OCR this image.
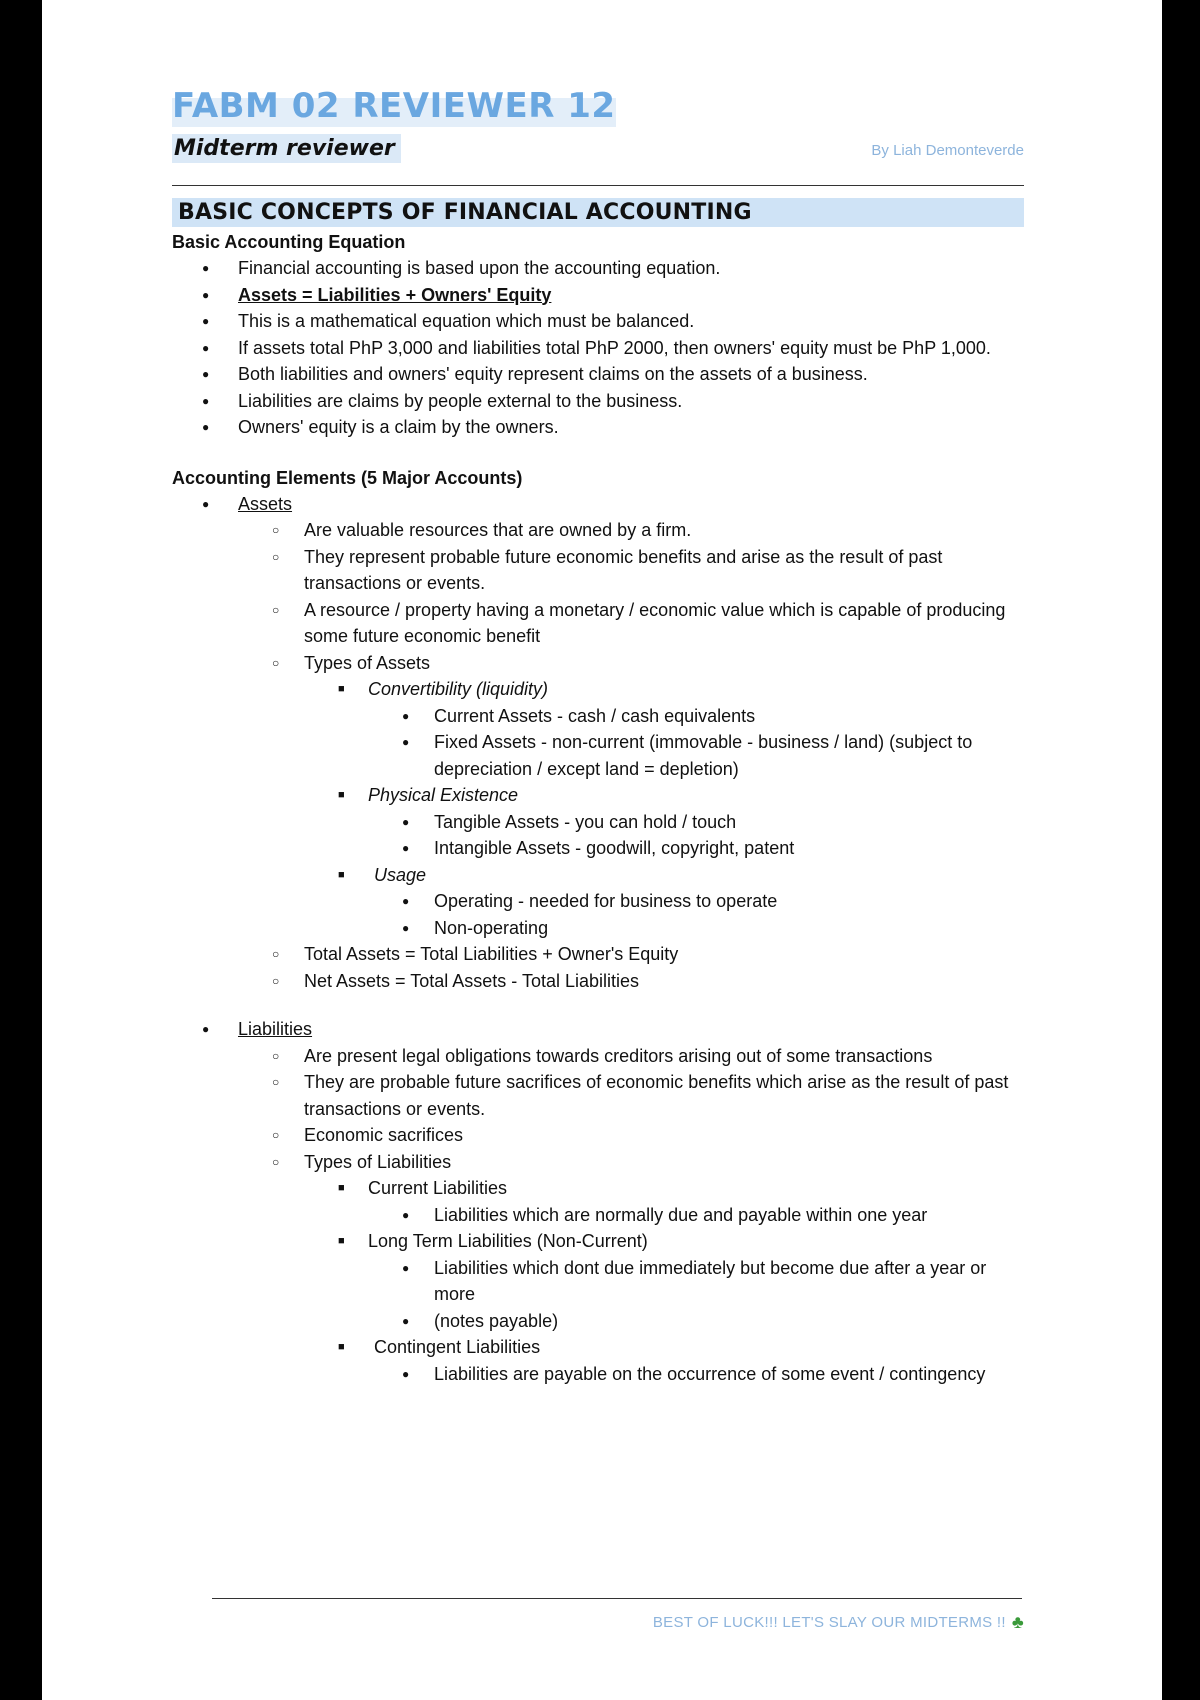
FABM 02 REVIEWER 12
Midterm reviewer	By Liah Demonteverde
BASIC CONCEPTS OF FINANCIAL ACCOUNTING
Basic Accounting Equation
● Financial accounting is based upon the accounting equation.
● Assets = Liabilities + Owners' Equity
● This is a mathematical equation which must be balanced.
● If assets total PhP 3,000 and liabilities total PhP 2000, then owners' equity must be PhP 1,000.
● Both liabilities and owners' equity represent claims on the assets of a business.
● Liabilities are claims by people external to the business.
● Owners' equity is a claim by the owners.
Accounting Elements (5 Major Accounts)
● Assets
○ Are valuable resources that are owned by a firm.
○ They represent probable future economic benefits and arise as the result of past transactions or events.
○ A resource / property having a monetary / economic value which is capable of producing some future economic benefit
○ Types of Assets
■ Convertibility (liquidity)
● Current Assets - cash / cash equivalents
● Fixed Assets - non-current (immovable - business / land) (subject to depreciation / except land = depletion)
■ Physical Existence
● Tangible Assets - you can hold / touch
● Intangible Assets - goodwill, copyright, patent
■ Usage
● Operating - needed for business to operate
● Non-operating
○ Total Assets = Total Liabilities + Owner's Equity
○ Net Assets = Total Assets - Total Liabilities
● Liabilities
○ Are present legal obligations towards creditors arising out of some transactions
○ They are probable future sacrifices of economic benefits which arise as the result of past transactions or events.
○ Economic sacrifices
○ Types of Liabilities
■ Current Liabilities
● Liabilities which are normally due and payable within one year
■ Long Term Liabilities (Non-Current)
● Liabilities which dont due immediately but become due after a year or more
● (notes payable)
■ Contingent Liabilities
● Liabilities are payable on the occurrence of some event / contingency
BEST OF LUCK!!! LET'S SLAY OUR MIDTERMS !! ♣
